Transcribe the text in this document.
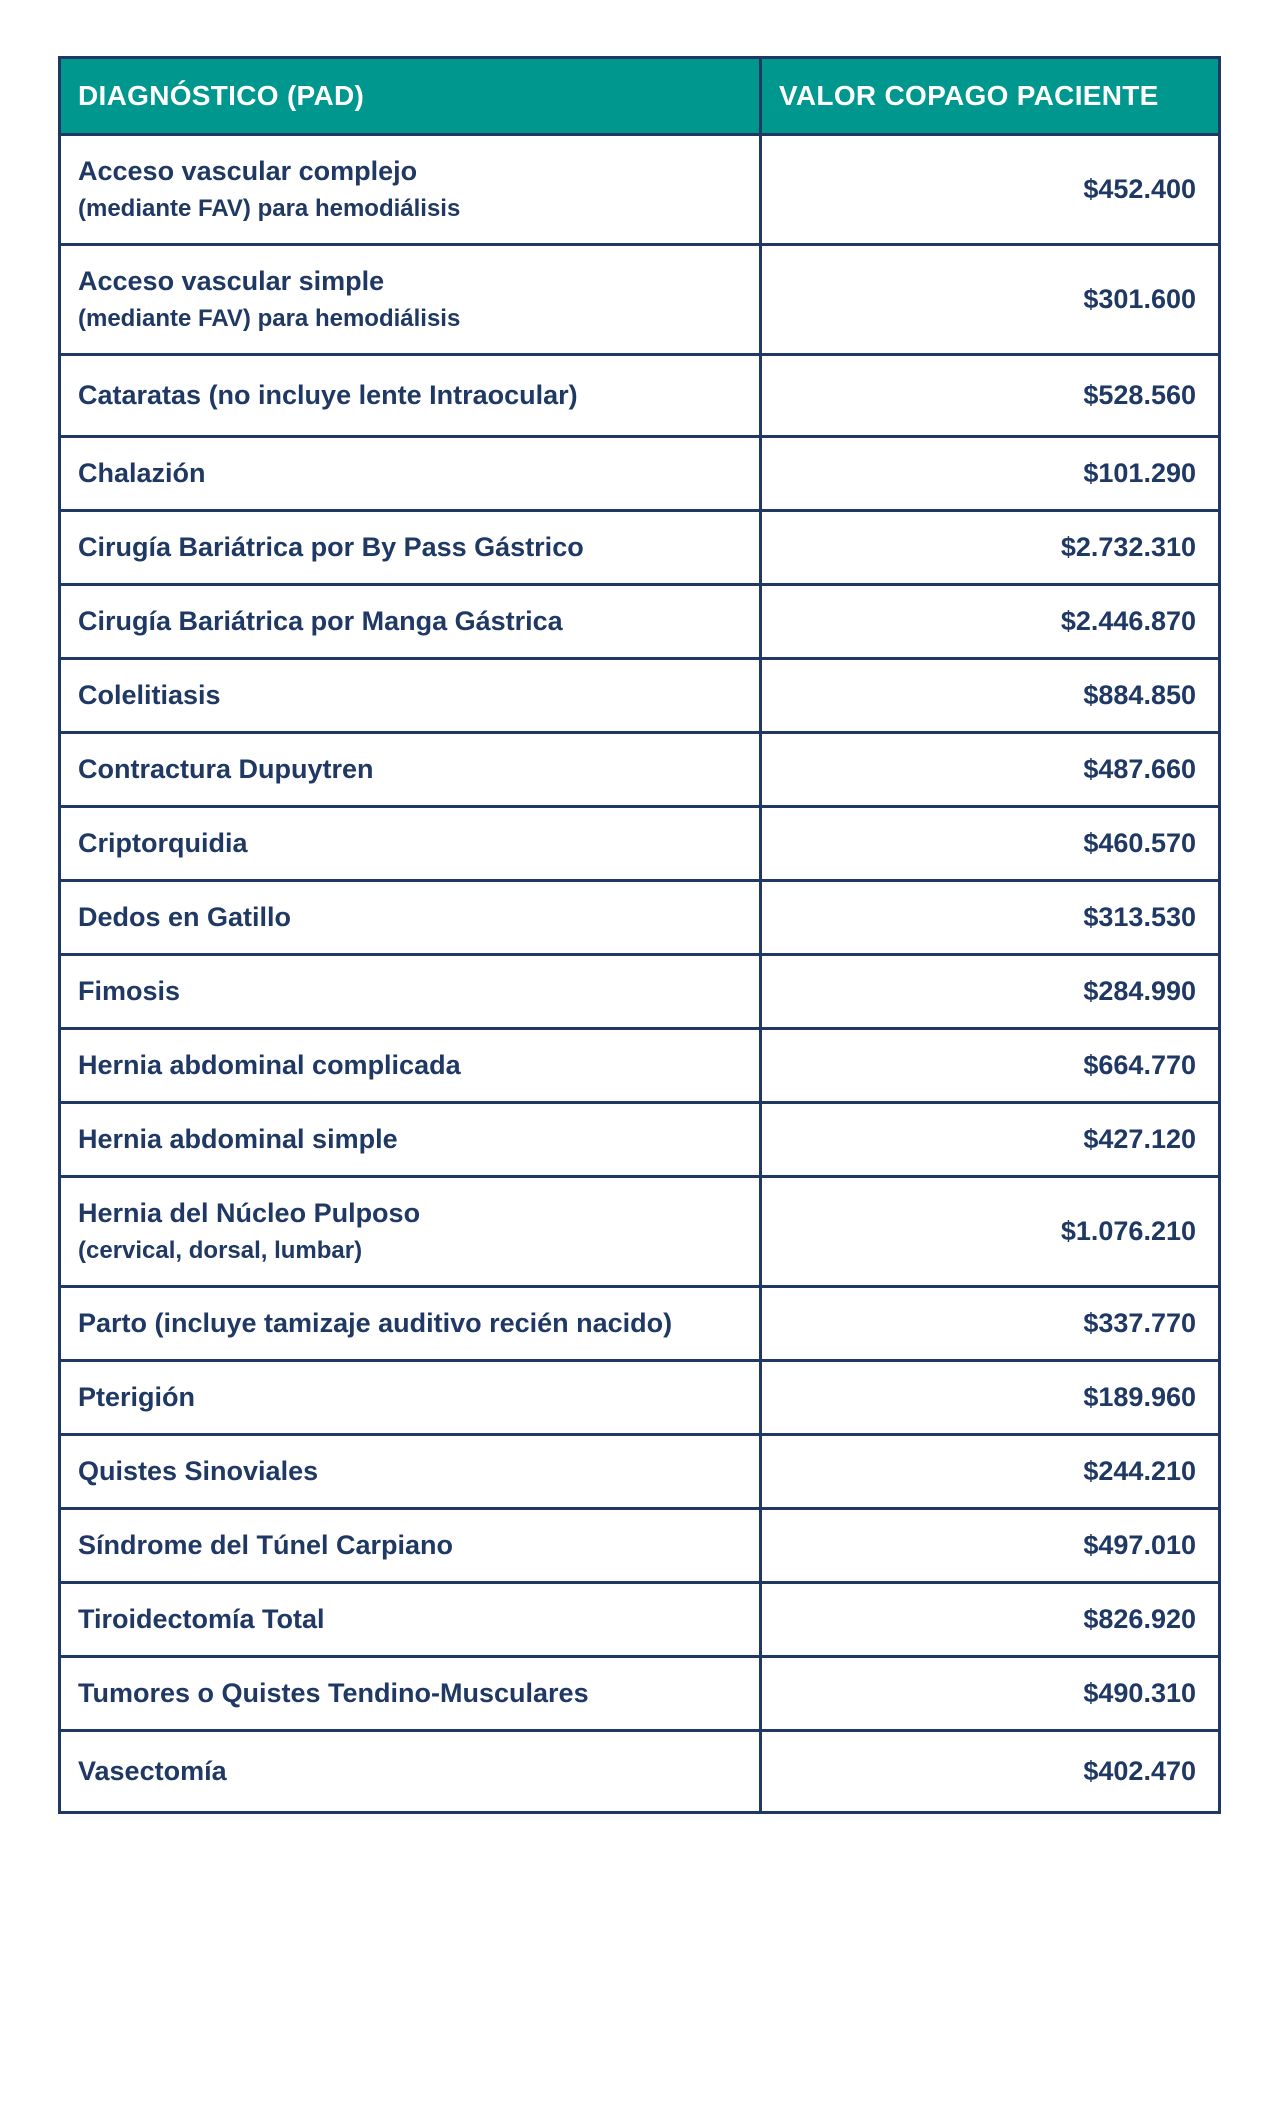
DIAGNÓSTICO (PAD)	VALOR COPAGO PACIENTE
Acceso vascular complejo
(mediante FAV) para hemodiálisis	$452.400
Acceso vascular simple
(mediante FAV) para hemodiálisis	$301.600
Cataratas (no incluye lente Intraocular)	$528.560
Chalazión	$101.290
Cirugía Bariátrica por By Pass Gástrico	$2.732.310
Cirugía Bariátrica por Manga Gástrica	$2.446.870
Colelitiasis	$884.850
Contractura Dupuytren	$487.660
Criptorquidia	$460.570
Dedos en Gatillo	$313.530
Fimosis	$284.990
Hernia abdominal complicada	$664.770
Hernia abdominal simple	$427.120
Hernia del Núcleo Pulposo
(cervical, dorsal, lumbar)	$1.076.210
Parto (incluye tamizaje auditivo recién nacido)	$337.770
Pterigión	$189.960
Quistes Sinoviales	$244.210
Síndrome del Túnel Carpiano	$497.010
Tiroidectomía Total	$826.920
Tumores o Quistes Tendino-Musculares	$490.310
Vasectomía	$402.470
